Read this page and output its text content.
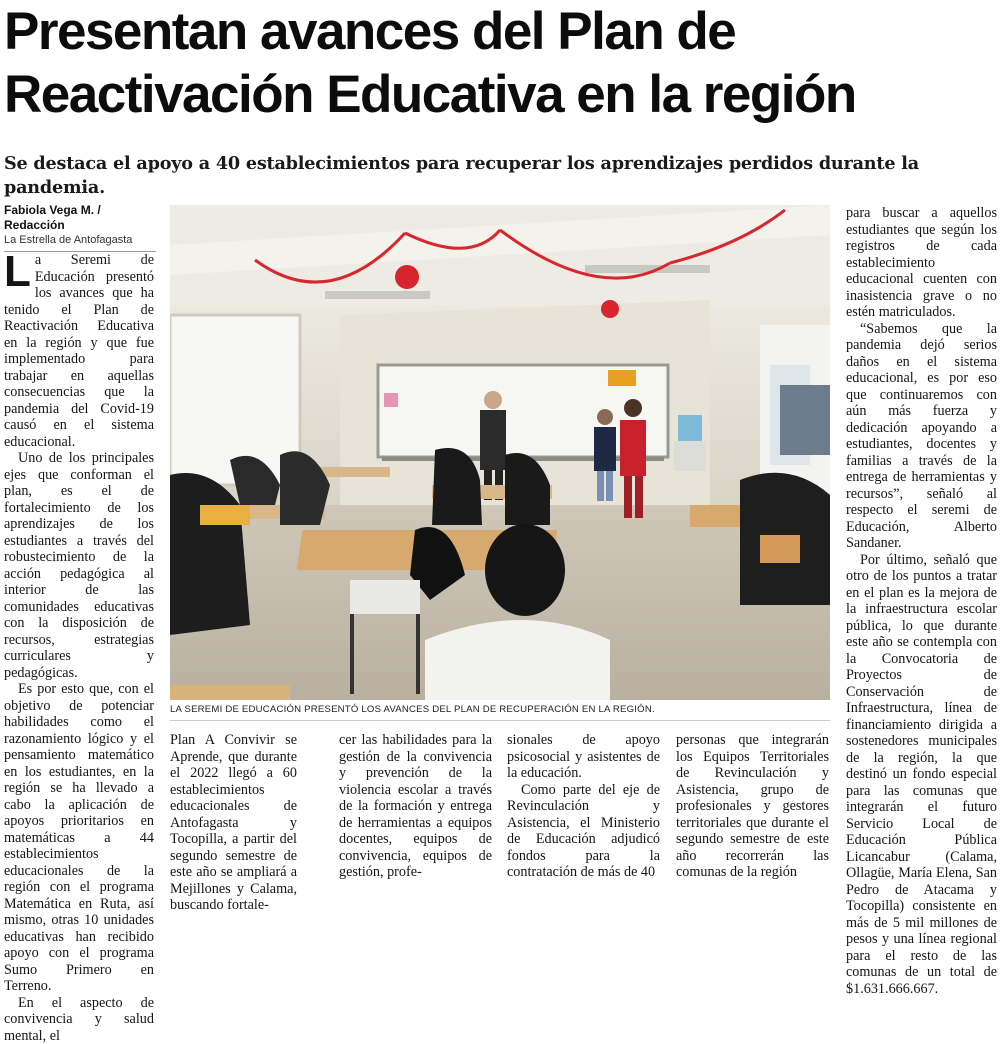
Presentan avances del Plan de Reactivación Educativa en la región

Se destaca el apoyo a 40 establecimientos para recuperar los aprendizajes perdidos durante la pandemia.

Fabiola Vega M. / Redacción
La Estrella de Antofagasta

La Seremi de Educación presentó los avances que ha tenido el Plan de Reactivación Educativa en la región y que fue implementado para trabajar en aquellas consecuencias que la pandemia del Covid-19 causó en el sistema educacional.

Uno de los principales ejes que conforman el plan, es el de fortalecimiento de los aprendizajes de los estudiantes a través del robustecimiento de la acción pedagógica al interior de las comunidades educativas con la disposición de recursos, estrategias curriculares y pedagógicas.

Es por esto que, con el objetivo de potenciar habilidades como el razonamiento lógico y el pensamiento matemático en los estudiantes, en la región se ha llevado a cabo la aplicación de apoyos prioritarios en matemáticas a 44 establecimientos educacionales de la región con el programa Matemática en Ruta, así mismo, otras 10 unidades educativas han recibido apoyo con el programa Sumo Primero en Terreno.

En el aspecto de convivencia y salud mental, el

LA SEREMI DE EDUCACIÓN PRESENTÓ LOS AVANCES DEL PLAN DE RECUPERACIÓN EN LA REGIÓN.

Plan A Convivir se Aprende, que durante el 2022 llegó a 60 establecimientos educacionales de Antofagasta y Tocopilla, a partir del segundo semestre de este año se ampliará a Mejillones y Calama, buscando fortale-

cer las habilidades para la gestión de la convivencia y prevención de la violencia escolar a través de la formación y entrega de herramientas a equipos docentes, equipos de convivencia, equipos de gestión, profe-

sionales de apoyo psicosocial y asistentes de la educación.

Como parte del eje de Revinculación y Asistencia, el Ministerio de Educación adjudicó fondos para la contratación de más de 40

personas que integrarán los Equipos Territoriales de Revinculación y Asistencia, grupo de profesionales y gestores territoriales que durante el segundo semestre de este año recorrerán las comunas de la región

para buscar a aquellos estudiantes que según los registros de cada establecimiento educacional cuenten con inasistencia grave o no estén matriculados.

“Sabemos que la pandemia dejó serios daños en el sistema educacional, es por eso que continuaremos con aún más fuerza y dedicación apoyando a estudiantes, docentes y familias a través de la entrega de herramientas y recursos”, señaló al respecto el seremi de Educación, Alberto Sandaner.

Por último, señaló que otro de los puntos a tratar en el plan es la mejora de la infraestructura escolar pública, lo que durante este año se contempla con la Convocatoria de Proyectos de Conservación de Infraestructura, línea de financiamiento dirigida a sostenedores municipales de la región, la que destinó un fondo especial para las comunas que integrarán el futuro Servicio Local de Educación Pública Licancabur (Calama, Ollagüe, María Elena, San Pedro de Atacama y Tocopilla) consistente en más de 5 mil millones de pesos y una línea regional para el resto de las comunas de un total de $1.631.666.667.
